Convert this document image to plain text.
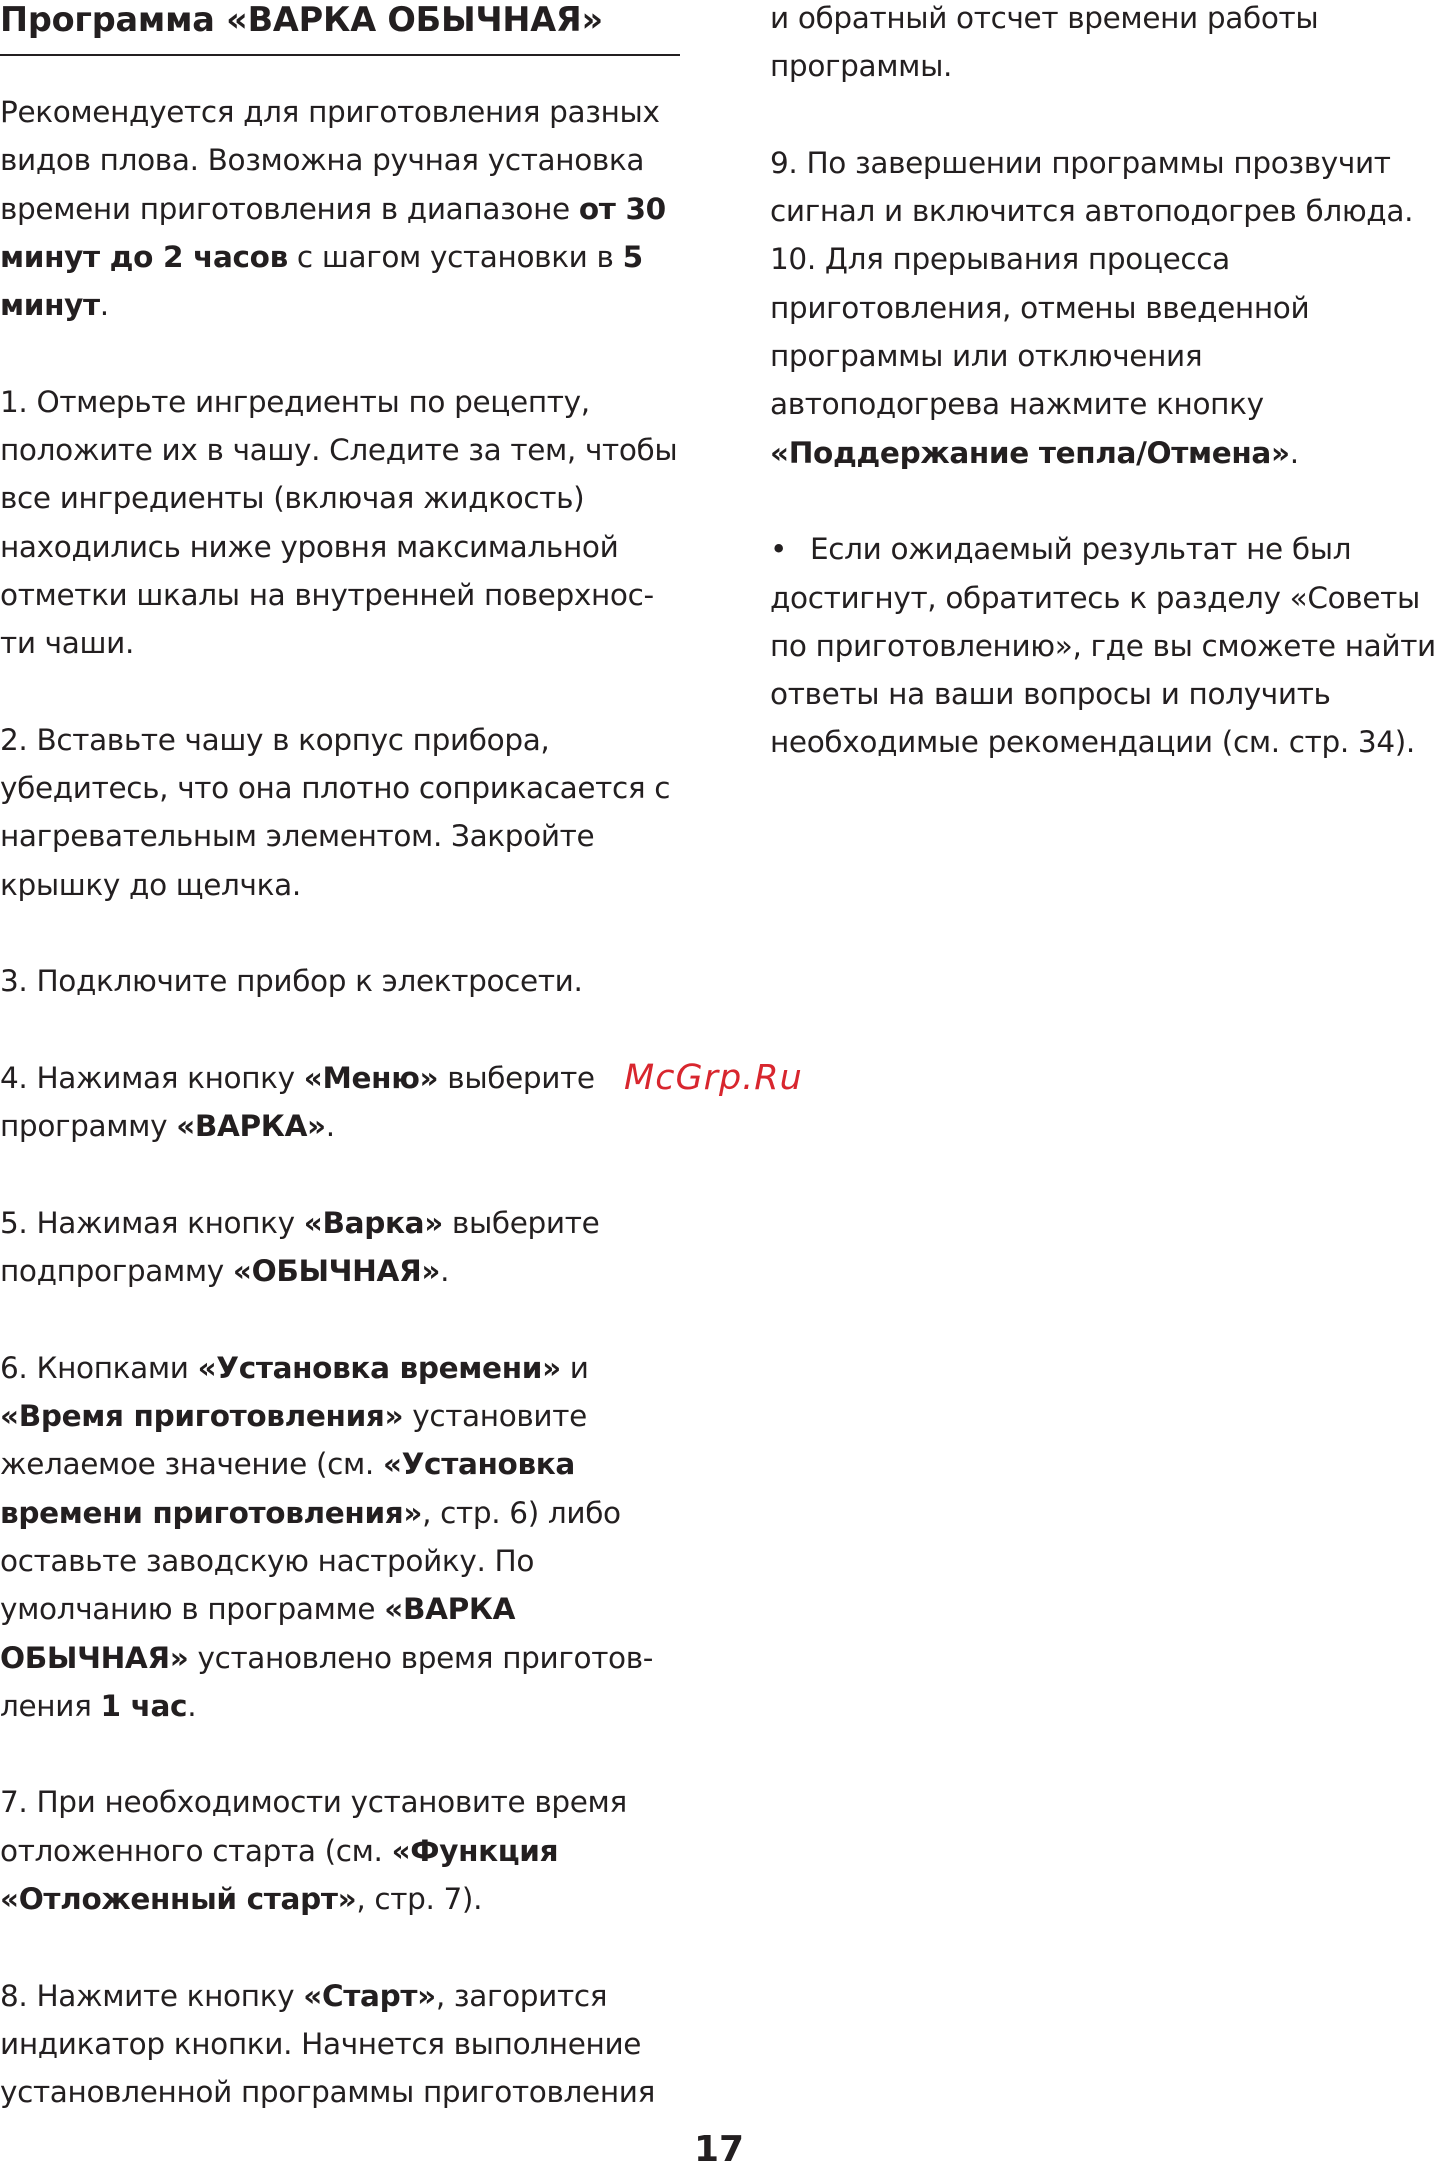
Программа «ВАРКА ОБЫЧНАЯ»

Рекомендуется для приготовления разных
видов плова. Возможна ручная установка
времени приготовления в диапазоне от 30
минут до 2 часов с шагом установки в 5
минут.

1. Отмерьте ингредиенты по рецепту,
положите их в чашу. Следите за тем, чтобы
все ингредиенты (включая жидкость)
находились ниже уровня максимальной
отметки шкалы на внутренней поверхнос-
ти чаши.

2. Вставьте чашу в корпус прибора,
убедитесь, что она плотно соприкасается с
нагревательным элементом. Закройте
крышку до щелчка.

3. Подключите прибор к электросети.

4. Нажимая кнопку «Меню» выберите
программу «ВАРКА».

5. Нажимая кнопку «Варка» выберите
подпрограмму «ОБЫЧНАЯ».

6. Кнопками «Установка времени» и
«Время приготовления» установите
желаемое значение (см. «Установка
времени приготовления», стр. 6) либо
оставьте заводскую настройку. По
умолчанию в программе «ВАРКА
ОБЫЧНАЯ» установлено время приготов-
ления 1 час.

7. При необходимости установите время
отложенного старта (см. «Функция
«Отложенный старт», стр. 7).

8. Нажмите кнопку «Старт», загорится
индикатор кнопки. Начнется выполнение
установленной программы приготовления

и обратный отсчет времени работы
программы.

9. По завершении программы прозвучит
сигнал и включится автоподогрев блюда.

10. Для прерывания процесса
приготовления, отмены введенной
программы или отключения
автоподогрева нажмите кнопку
«Поддержание тепла/Отмена».

• Если ожидаемый результат не был
достигнут, обратитесь к разделу «Советы
по приготовлению», где вы сможете найти
ответы на ваши вопросы и получить
необходимые рекомендации (см. стр. 34).

McGrp.Ru
17
